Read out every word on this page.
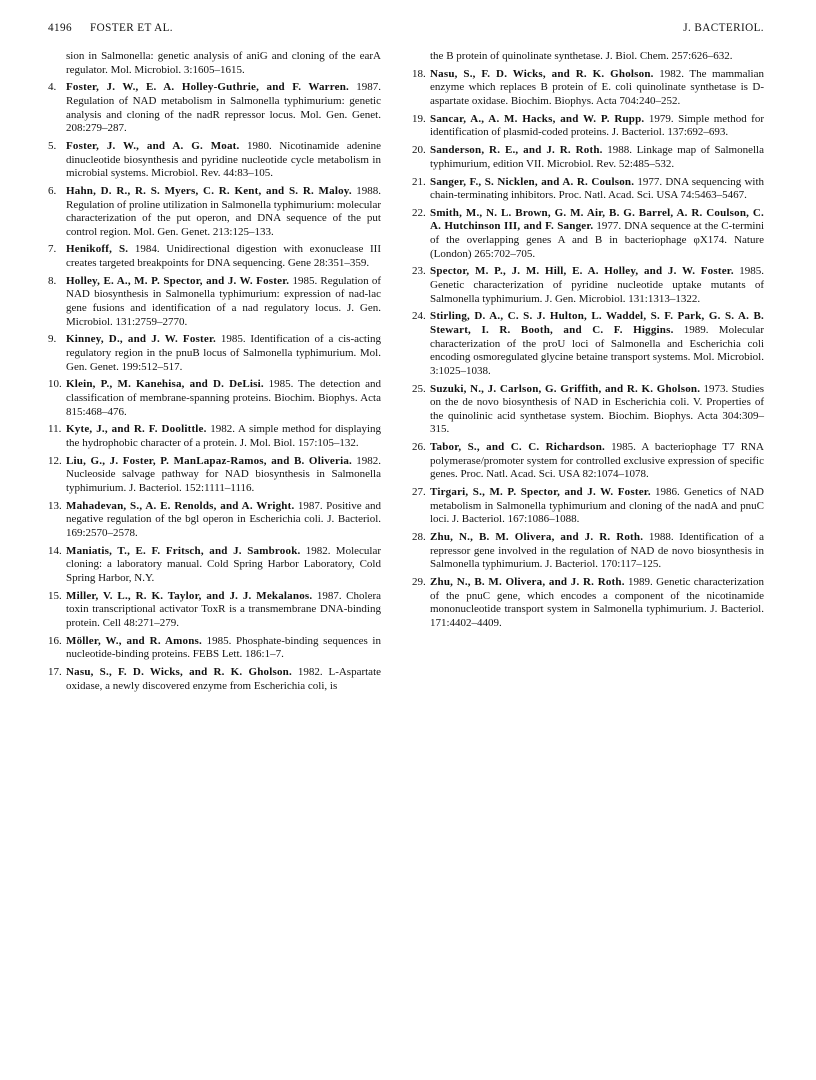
4196 FOSTER ET AL.	J. BACTERIOL.

sion in Salmonella: genetic analysis of aniG and cloning of the earA regulator. Mol. Microbiol. 3:1605–1615.

4. Foster, J. W., E. A. Holley-Guthrie, and F. Warren. 1987. Regulation of NAD metabolism in Salmonella typhimurium: genetic analysis and cloning of the nadR repressor locus. Mol. Gen. Genet. 208:279–287.

5. Foster, J. W., and A. G. Moat. 1980. Nicotinamide adenine dinucleotide biosynthesis and pyridine nucleotide cycle metabolism in microbial systems. Microbiol. Rev. 44:83–105.

6. Hahn, D. R., R. S. Myers, C. R. Kent, and S. R. Maloy. 1988. Regulation of proline utilization in Salmonella typhimurium: molecular characterization of the put operon, and DNA sequence of the put control region. Mol. Gen. Genet. 213:125–133.

7. Henikoff, S. 1984. Unidirectional digestion with exonuclease III creates targeted breakpoints for DNA sequencing. Gene 28:351–359.

8. Holley, E. A., M. P. Spector, and J. W. Foster. 1985. Regulation of NAD biosynthesis in Salmonella typhimurium: expression of nad-lac gene fusions and identification of a nad regulatory locus. J. Gen. Microbiol. 131:2759–2770.

9. Kinney, D., and J. W. Foster. 1985. Identification of a cis-acting regulatory region in the pnuB locus of Salmonella typhimurium. Mol. Gen. Genet. 199:512–517.

10. Klein, P., M. Kanehisa, and D. DeLisi. 1985. The detection and classification of membrane-spanning proteins. Biochim. Biophys. Acta 815:468–476.

11. Kyte, J., and R. F. Doolittle. 1982. A simple method for displaying the hydrophobic character of a protein. J. Mol. Biol. 157:105–132.

12. Liu, G., J. Foster, P. ManLapaz-Ramos, and B. Oliveria. 1982. Nucleoside salvage pathway for NAD biosynthesis in Salmonella typhimurium. J. Bacteriol. 152:1111–1116.

13. Mahadevan, S., A. E. Renolds, and A. Wright. 1987. Positive and negative regulation of the bgl operon in Escherichia coli. J. Bacteriol. 169:2570–2578.

14. Maniatis, T., E. F. Fritsch, and J. Sambrook. 1982. Molecular cloning: a laboratory manual. Cold Spring Harbor Laboratory, Cold Spring Harbor, N.Y.

15. Miller, V. L., R. K. Taylor, and J. J. Mekalanos. 1987. Cholera toxin transcriptional activator ToxR is a transmembrane DNA-binding protein. Cell 48:271–279.

16. Möller, W., and R. Amons. 1985. Phosphate-binding sequences in nucleotide-binding proteins. FEBS Lett. 186:1–7.

17. Nasu, S., F. D. Wicks, and R. K. Gholson. 1982. L-Aspartate oxidase, a newly discovered enzyme from Escherichia coli, is

the B protein of quinolinate synthetase. J. Biol. Chem. 257:626–632.

18. Nasu, S., F. D. Wicks, and R. K. Gholson. 1982. The mammalian enzyme which replaces B protein of E. coli quinolinate synthetase is D-aspartate oxidase. Biochim. Biophys. Acta 704:240–252.

19. Sancar, A., A. M. Hacks, and W. P. Rupp. 1979. Simple method for identification of plasmid-coded proteins. J. Bacteriol. 137:692–693.

20. Sanderson, R. E., and J. R. Roth. 1988. Linkage map of Salmonella typhimurium, edition VII. Microbiol. Rev. 52:485–532.

21. Sanger, F., S. Nicklen, and A. R. Coulson. 1977. DNA sequencing with chain-terminating inhibitors. Proc. Natl. Acad. Sci. USA 74:5463–5467.

22. Smith, M., N. L. Brown, G. M. Air, B. G. Barrel, A. R. Coulson, C. A. Hutchinson III, and F. Sanger. 1977. DNA sequence at the C-termini of the overlapping genes A and B in bacteriophage φX174. Nature (London) 265:702–705.

23. Spector, M. P., J. M. Hill, E. A. Holley, and J. W. Foster. 1985. Genetic characterization of pyridine nucleotide uptake mutants of Salmonella typhimurium. J. Gen. Microbiol. 131:1313–1322.

24. Stirling, D. A., C. S. J. Hulton, L. Waddel, S. F. Park, G. S. A. B. Stewart, I. R. Booth, and C. F. Higgins. 1989. Molecular characterization of the proU loci of Salmonella and Escherichia coli encoding osmoregulated glycine betaine transport systems. Mol. Microbiol. 3:1025–1038.

25. Suzuki, N., J. Carlson, G. Griffith, and R. K. Gholson. 1973. Studies on the de novo biosynthesis of NAD in Escherichia coli. V. Properties of the quinolinic acid synthetase system. Biochim. Biophys. Acta 304:309–315.

26. Tabor, S., and C. C. Richardson. 1985. A bacteriophage T7 RNA polymerase/promoter system for controlled exclusive expression of specific genes. Proc. Natl. Acad. Sci. USA 82:1074–1078.

27. Tirgari, S., M. P. Spector, and J. W. Foster. 1986. Genetics of NAD metabolism in Salmonella typhimurium and cloning of the nadA and pnuC loci. J. Bacteriol. 167:1086–1088.

28. Zhu, N., B. M. Olivera, and J. R. Roth. 1988. Identification of a repressor gene involved in the regulation of NAD de novo biosynthesis in Salmonella typhimurium. J. Bacteriol. 170:117–125.

29. Zhu, N., B. M. Olivera, and J. R. Roth. 1989. Genetic characterization of the pnuC gene, which encodes a component of the nicotinamide mononucleotide transport system in Salmonella typhimurium. J. Bacteriol. 171:4402–4409.
